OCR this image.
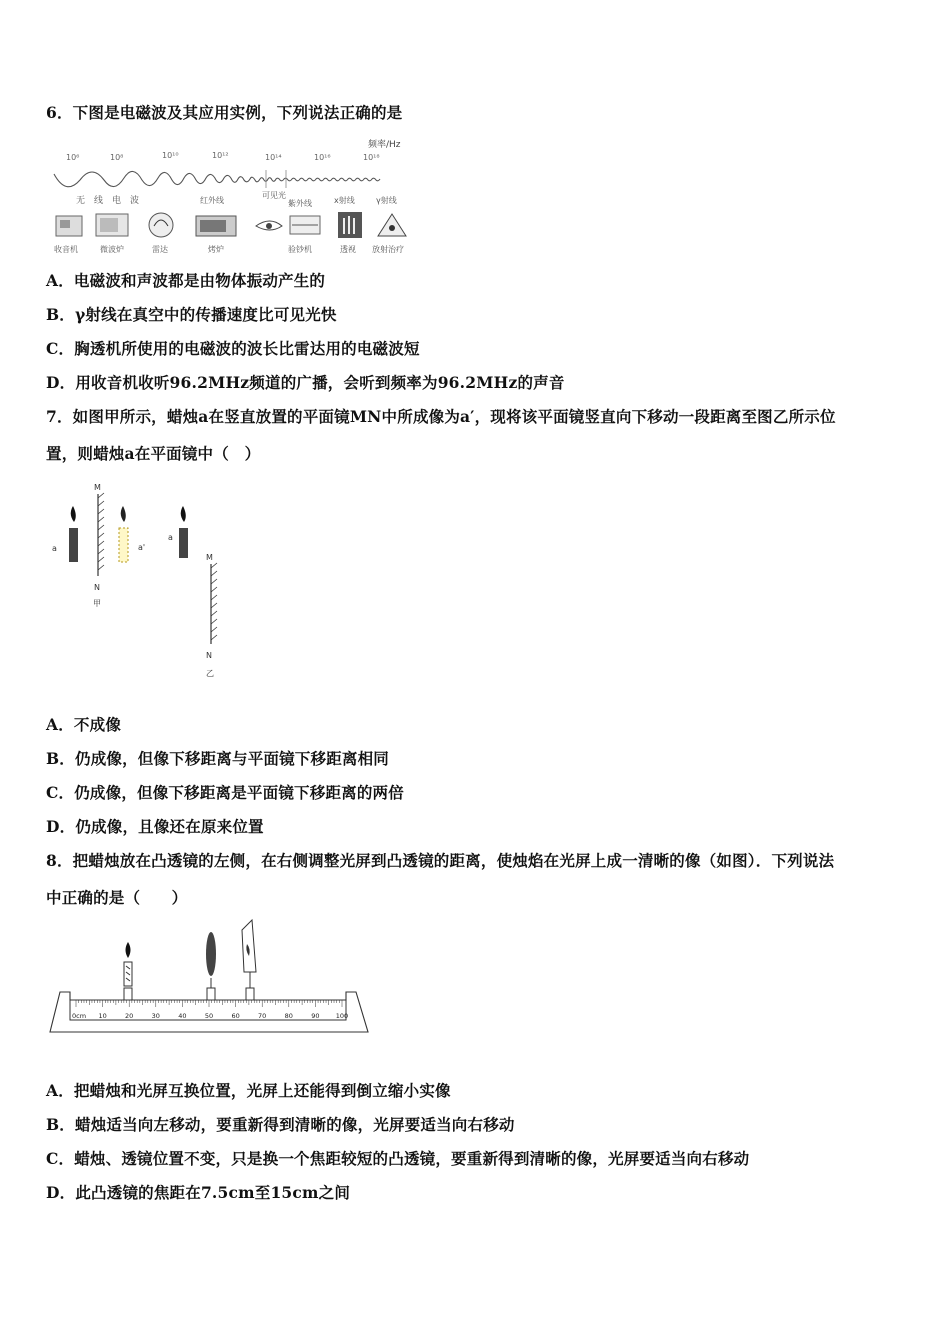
6．下图是电磁波及其应用实例，下列说法正确的是
频率/Hz
10⁶	10⁸	10¹⁰	10¹²	10¹⁴	10¹⁶	10¹⁸
无　线　电　波	红外线
可见光
紫外线	x射线	γ射线
收音机	微波炉	雷达	烤炉	验钞机	透视 放射治疗
A．电磁波和声波都是由物体振动产生的
B．γ射线在真空中的传播速度比可见光快
C．胸透机所使用的电磁波的波长比雷达用的电磁波短
D．用收音机收听96.2MHz频道的广播，会听到频率为96.2MHz的声音
7．如图甲所示，蜡烛a在竖直放置的平面镜MN中所成像为a′，现将该平面镜竖直向下移动一段距离至图乙所示位
置，则蜡烛a在平面镜中（　）
M
N
甲
a	a'
a
M
N
乙
A．不成像
B．仍成像，但像下移距离与平面镜下移距离相同
C．仍成像，但像下移距离是平面镜下移距离的两倍
D．仍成像，且像还在原来位置
8．把蜡烛放在凸透镜的左侧，在右侧调整光屏到凸透镜的距离，使烛焰在光屏上成一清晰的像（如图）．下列说法
中正确的是（　　）
0cm 10	20	30	40	50	60	70	80	90 100
A．把蜡烛和光屏互换位置，光屏上还能得到倒立缩小实像
B．蜡烛适当向左移动，要重新得到清晰的像，光屏要适当向右移动
C．蜡烛、透镜位置不变，只是换一个焦距较短的凸透镜，要重新得到清晰的像，光屏要适当向右移动
D．此凸透镜的焦距在7.5cm至15cm之间
